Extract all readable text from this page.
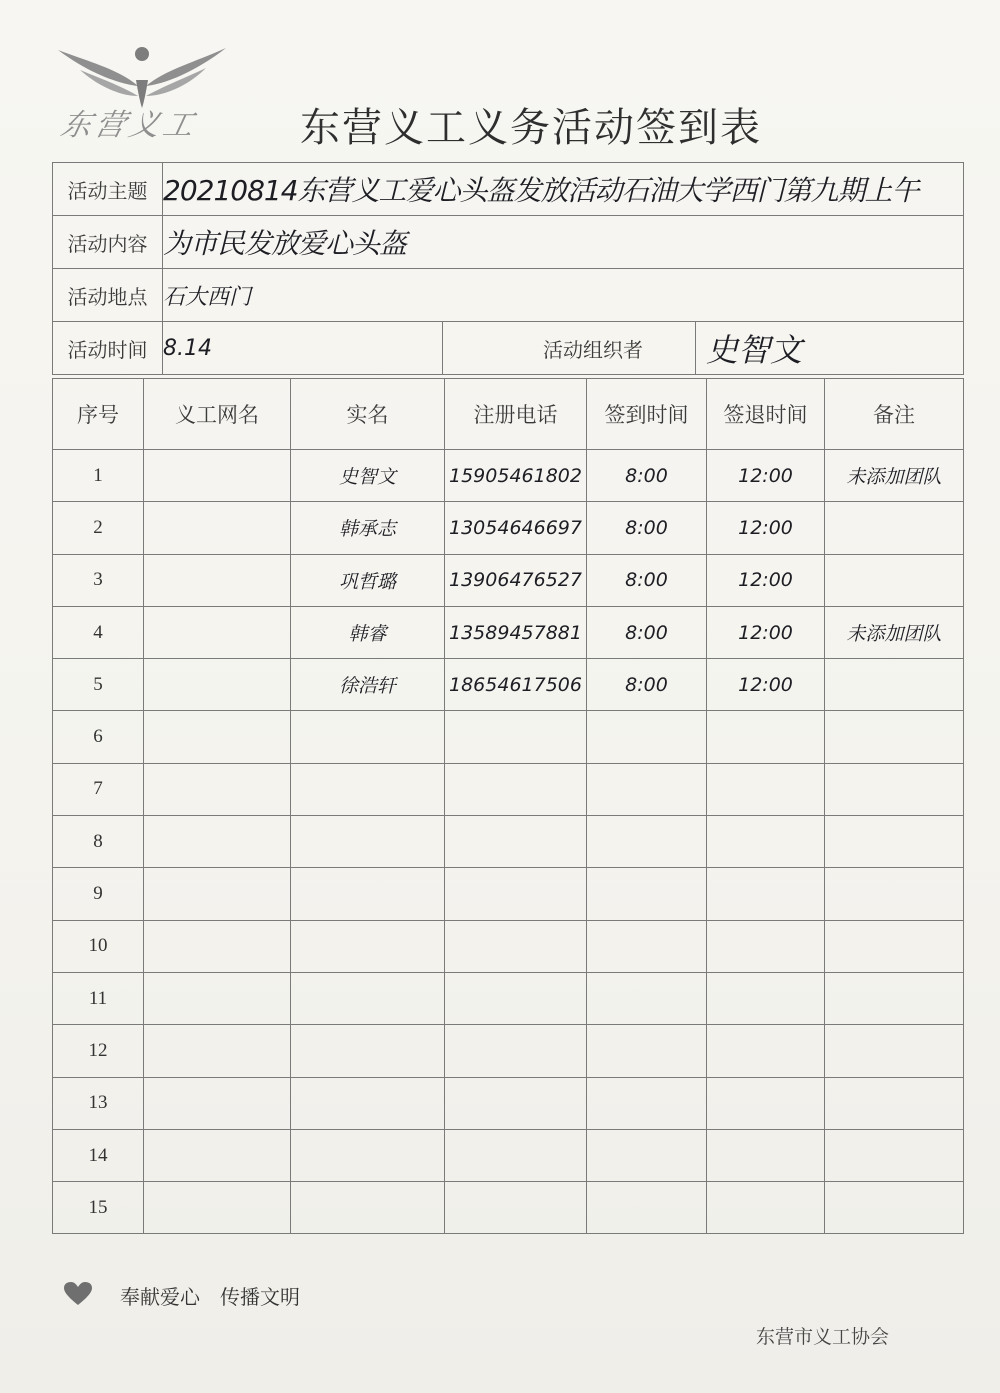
东营义工 东营义工义务活动签到表
活动主题	20210814东营义工爱心头盔发放活动石油大学西门第九期上午		
活动内容	为市民发放爱心头盔		
活动地点	石大西门		
活动时间	8.14	活动组织者	史智文
序号	义工网名	实名	注册电话	签到时间	签退时间	备注
1		史智文	15905461802	8:00	12:00	未添加团队
2		韩承志	13054646697	8:00	12:00	
3		巩哲璐	13906476527	8:00	12:00	
4		韩睿	13589457881	8:00	12:00	未添加团队
5		徐浩轩	18654617506	8:00	12:00	
6						
7						
8						
9						
10						
11						
12						
13						
14						
15						
奉献爱心　传播文明
东营市义工协会
